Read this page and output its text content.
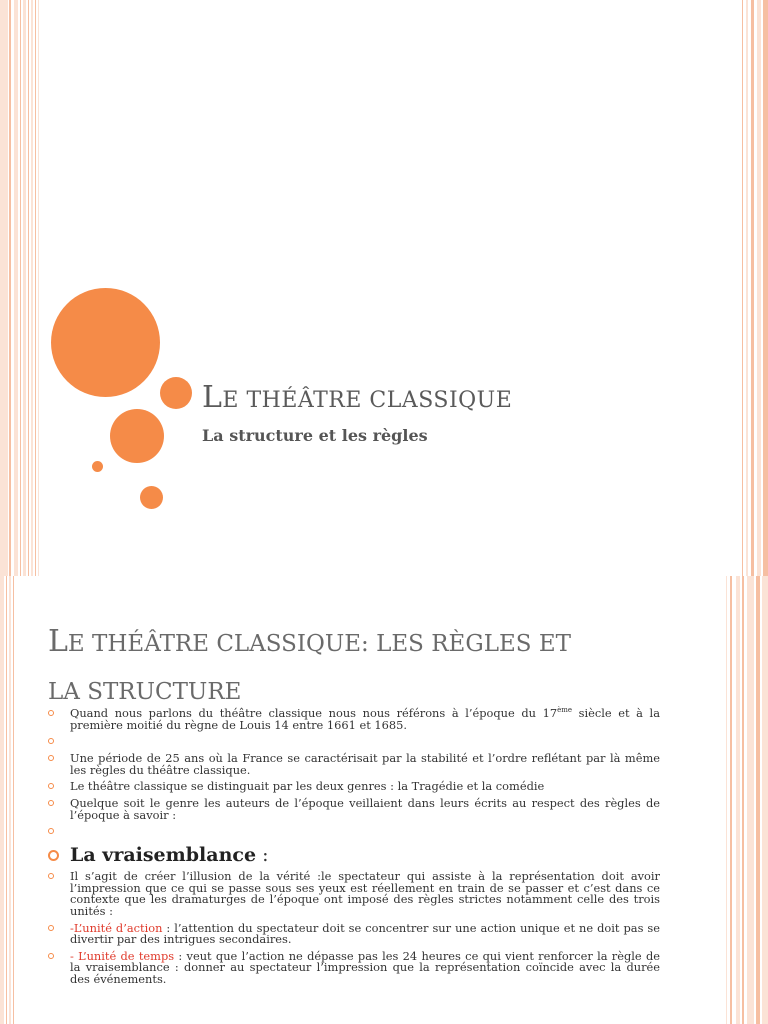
LE THÉÂTRE CLASSIQUE
La structure et les règles
LE THÉÂTRE CLASSIQUE: LES RÈGLES ET
LA STRUCTURE
Quand nous parlons du théâtre classique nous nous référons à l’époque du 17ème siècle et à la première moitié du règne de Louis 14 entre 1661 et 1685.
Une période de 25 ans où la France se caractérisait par la stabilité et l’ordre reflétant par là même les règles du théâtre classique.
Le théâtre classique se distinguait par les deux genres : la Tragédie et la comédie
Quelque soit le genre les auteurs de l’époque veillaient dans leurs écrits au respect des règles de l’époque à savoir :
La vraisemblance :
Il s’agit de créer l’illusion de la vérité :le spectateur qui assiste à la représentation doit avoir l’impression que ce qui se passe sous ses yeux est réellement en train de se passer et c’est dans ce contexte que les dramaturges de l’époque ont imposé des règles strictes notamment celle des trois unités :
-L’unité d’action : l’attention du spectateur doit se concentrer sur une action unique et ne doit pas se divertir par des intrigues secondaires.
- L’unité de temps : veut que l’action ne dépasse pas les 24 heures ce qui vient renforcer la règle de la vraisemblance : donner au spectateur l’impression que la représentation coïncide avec la durée des événements.
